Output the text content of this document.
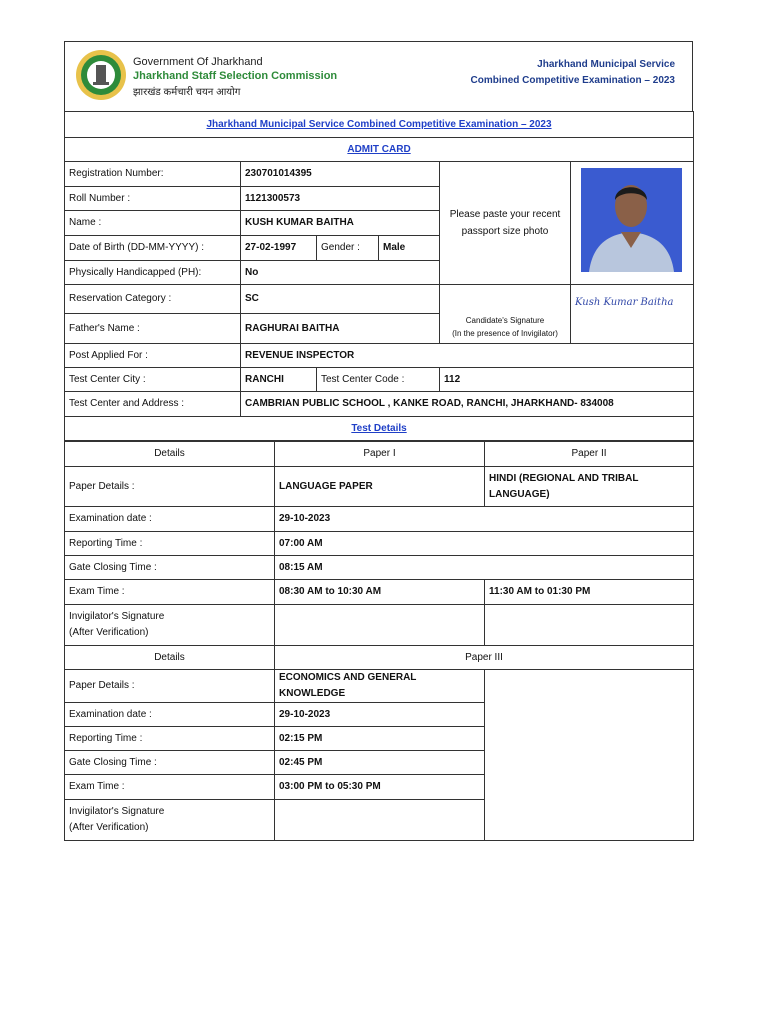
Government Of Jharkhand
Jharkhand Staff Selection Commission
झारखंड कर्मचारी चयन आयोग
Jharkhand Municipal Service
Combined Competitive Examination – 2023
Jharkhand Municipal Service Combined Competitive Examination – 2023					
ADMIT CARD					
Registration Number:	230701014395			Please paste your recent
passport size photo

Roll Number :	1121300573				
Name :	KUSH KUMAR BAITHA				
Date of Birth (DD-MM-YYYY) :	27-02-1997	Gender :	Male		
Physically Handicapped (PH):	No				
Reservation Category :	SC			Candidate's Signature
(In the presence of Invigilator)	Kush Kumar Baitha
Father's Name :	RAGHURAI BAITHA				
Post Applied For :	REVENUE INSPECTOR				
Test Center City :	RANCHI	Test Center Code :		112	
Test Center and Address :	CAMBRIAN PUBLIC SCHOOL , KANKE ROAD, RANCHI, JHARKHAND- 834008				
Test Details					
Details	Paper I	Paper II
Paper Details :	LANGUAGE PAPER	HINDI (REGIONAL AND TRIBAL LANGUAGE)
Examination date :	29-10-2023	
Reporting Time :	07:00 AM	
Gate Closing Time :	08:15 AM	
Exam Time :	08:30 AM to 10:30 AM	11:30 AM to 01:30 PM

Invigilator's Signature
(After Verification)		

Details	Paper III	
Paper Details :	ECONOMICS AND GENERAL KNOWLEDGE	
Examination date :	29-10-2023	
Reporting Time :	02:15 PM	
Gate Closing Time :	02:45 PM	
Exam Time :	03:00 PM to 05:30 PM	

Invigilator's Signature
(After Verification)		
